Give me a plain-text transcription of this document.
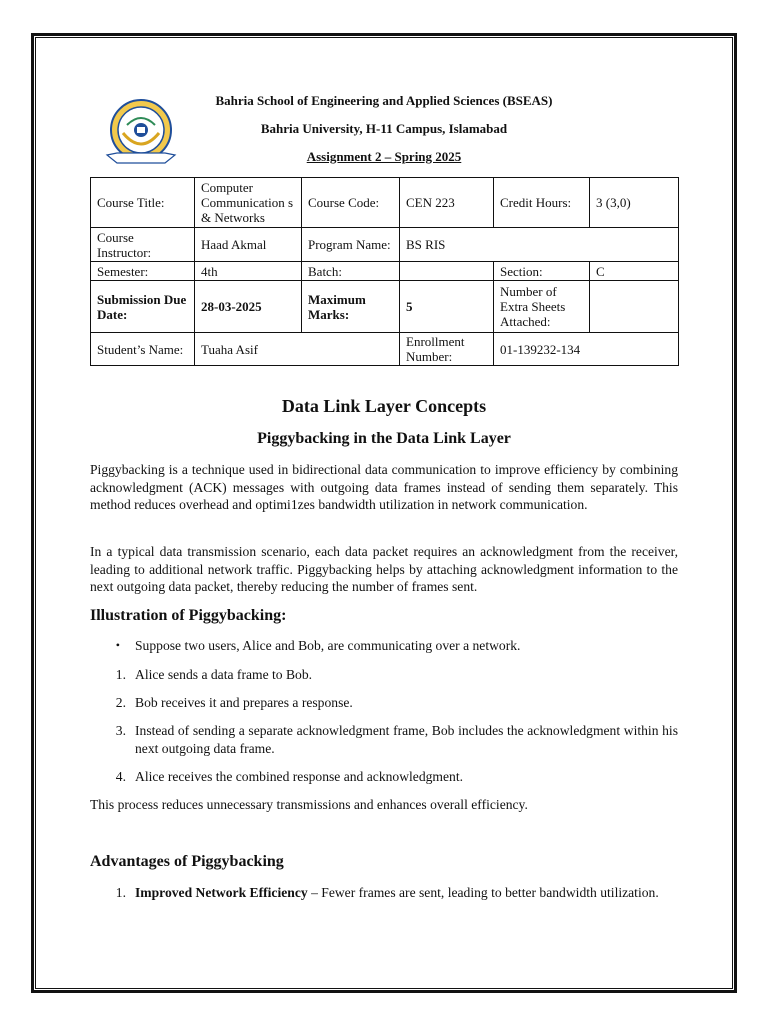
Bahria School of Engineering and Applied Sciences (BSEAS)
Bahria University, H-11 Campus, Islamabad
Assignment 2 – Spring 2025
Course Title:	Computer Communication s & Networks	Course Code:	CEN 223	Credit Hours:	3 (3,0)
Course Instructor:	Haad Akmal	Program Name:	BS RIS		
Semester:	4th	Batch:		Section:	C
Submission Due Date:	28-03-2025	Maximum Marks:	5	Number of Extra Sheets Attached:	
Student’s Name:	Tuaha Asif		Enrollment Number:	01-139232-134	
Data Link Layer Concepts
Piggybacking in the Data Link Layer

Piggybacking is a technique used in bidirectional data communication to improve efficiency by combining acknowledgment (ACK) messages with outgoing data frames instead of sending them separately. This method reduces overhead and optimi1zes bandwidth utilization in network communication.

In a typical data transmission scenario, each data packet requires an acknowledgment from the receiver, leading to additional network traffic. Piggybacking helps by attaching acknowledgment information to the next outgoing data packet, thereby reducing the number of frames sent.

Illustration of Piggybacking:
• Suppose two users, Alice and Bob, are communicating over a network.
1. Alice sends a data frame to Bob.
2. Bob receives it and prepares a response.
3. Instead of sending a separate acknowledgment frame, Bob includes the acknowledgment within his next outgoing data frame.
4. Alice receives the combined response and acknowledgment.

This process reduces unnecessary transmissions and enhances overall efficiency.

Advantages of Piggybacking
1. Improved Network Efficiency – Fewer frames are sent, leading to better bandwidth utilization.
